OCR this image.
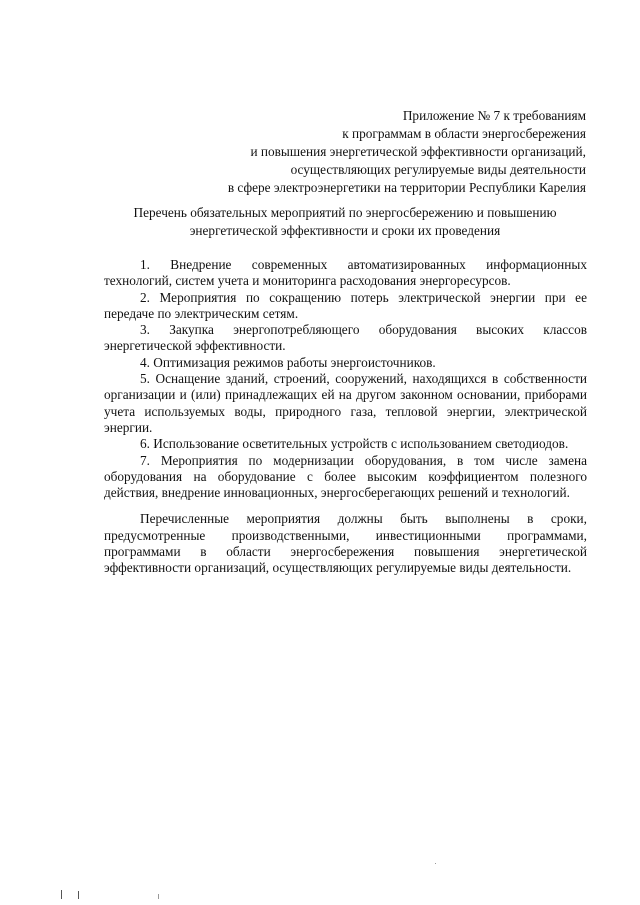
Приложение № 7 к требованиям
к программам в области энергосбережения
и повышения энергетической эффективности организаций,
осуществляющих регулируемые виды деятельности
в сфере электроэнергетики на территории Республики Карелия
Перечень обязательных мероприятий по энергосбережению и повышению
энергетической эффективности и сроки их проведения

1. Внедрение современных автоматизированных информационных технологий, систем учета и мониторинга расходования энергоресурсов.

2. Мероприятия по сокращению потерь электрической энергии при ее передаче по электрическим сетям.

3. Закупка энергопотребляющего оборудования высоких классов энергетической эффективности.

4. Оптимизация режимов работы энергоисточников.

5. Оснащение зданий, строений, сооружений, находящихся в собственности организации и (или) принадлежащих ей на другом законном основании, приборами учета используемых воды, природного газа, тепловой энергии, электрической энергии.

6. Использование осветительных устройств с использованием светодиодов.

7. Мероприятия по модернизации оборудования, в том числе замена оборудования на оборудование с более высоким коэффициентом полезного действия, внедрение инновационных, энергосберегающих решений и технологий.

Перечисленные мероприятия должны быть выполнены в сроки, предусмотренные производственными, инвестиционными программами, программами в области энергосбережения повышения энергетической эффективности организаций, осуществляющих регулируемые виды деятельности.
